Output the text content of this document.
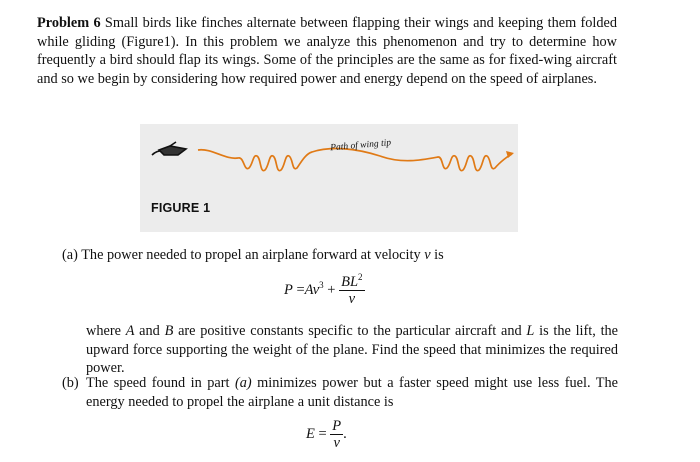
Problem 6 Small birds like finches alternate between flapping their wings and keeping them folded while gliding (Figure1). In this problem we analyze this phenomenon and try to determine how frequently a bird should flap its wings. Some of the principles are the same as for fixed-wing aircraft and so we begin by considering how required power and energy depend on the speed of airplanes.
Path of wing tip
FIGURE 1
(a) The power needed to propel an airplane forward at velocity v is
$P =Av^3 + \frac{BL^2}{v}$
where A and B are positive constants specific to the particular aircraft and L is the lift, the upward force supporting the weight of the plane. Find the speed that minimizes the required power.
(b) The speed found in part (a) minimizes power but a faster speed might use less fuel. The energy needed to propel the airplane a unit distance is
$E = \frac{P}{v}$ .
